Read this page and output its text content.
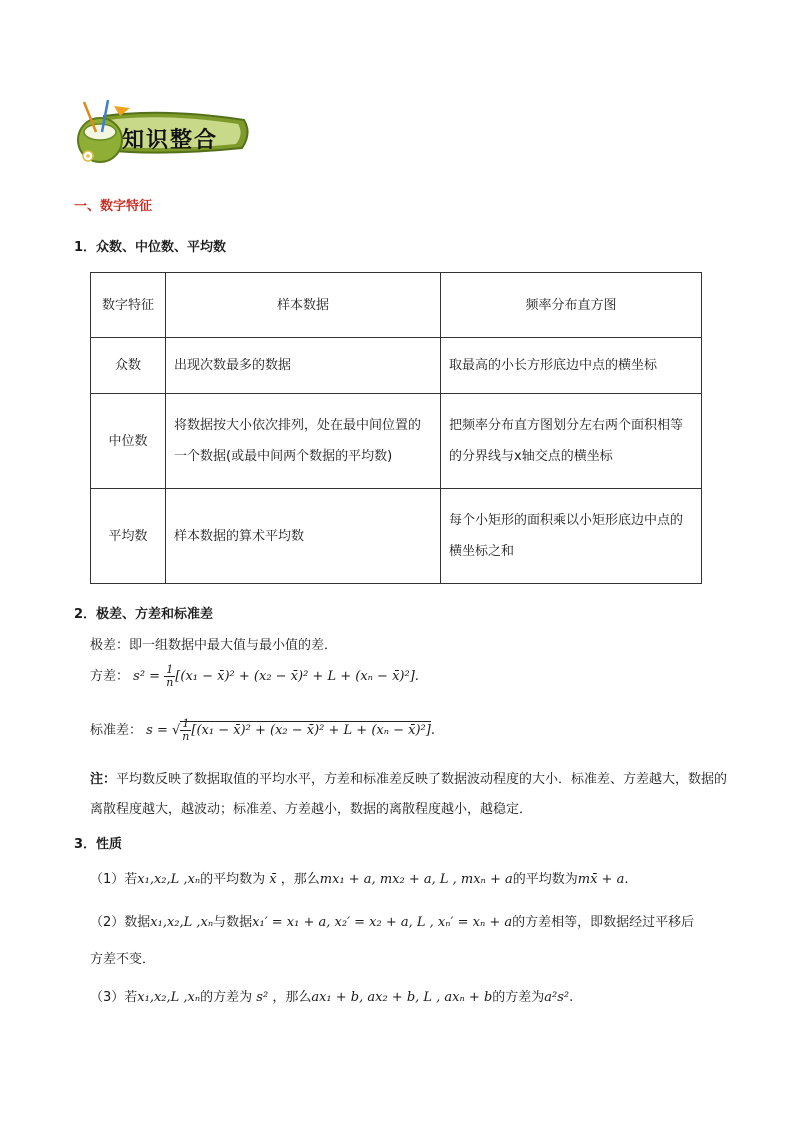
知识整合
一、数字特征
1．众数、中位数、平均数
数字特征	样本数据	频率分布直方图
众数	出现次数最多的数据	取最高的小长方形底边中点的横坐标
中位数	将数据按大小依次排列，处在最中间位置的一个数据(或最中间两个数据的平均数)	把频率分布直方图划分左右两个面积相等的分界线与x轴交点的横坐标
平均数	样本数据的算术平均数	每个小矩形的面积乘以小矩形底边中点的横坐标之和
2．极差、方差和标准差
极差：即一组数据中最大值与最小值的差．
方差： $s^2 = \frac{1}{n} [(x_1$ − x̄)² + (x₂ − x̄)² + L + (xₙ − x̄)²].
标准差： s = √ $\frac{1}{n} [(x_1$ − x̄)² + (x₂ − x̄)² + L + (xₙ − x̄)²].
注：平均数反映了数据取值的平均水平，方差和标准差反映了数据波动程度的大小．标准差、方差越大，数据的离散程度越大，越波动；标准差、方差越小，数据的离散程度越小，越稳定．
3．性质
（1）若x₁,x₂,L ,xₙ的平均数为 x̄ ，那么mx₁ + a, mx₂ + a, L , mxₙ + a的平均数为mx̄ + a.
（2）数据x₁,x₂,L ,xₙ与数据x₁′ = x₁ + a, x₂′ = x₂ + a, L , xₙ′ = xₙ + a的方差相等，即数据经过平移后
方差不变．
（3）若x₁,x₂,L ,xₙ的方差为 s² ，那么ax₁ + b, ax₂ + b, L , axₙ + b的方差为a²s².
